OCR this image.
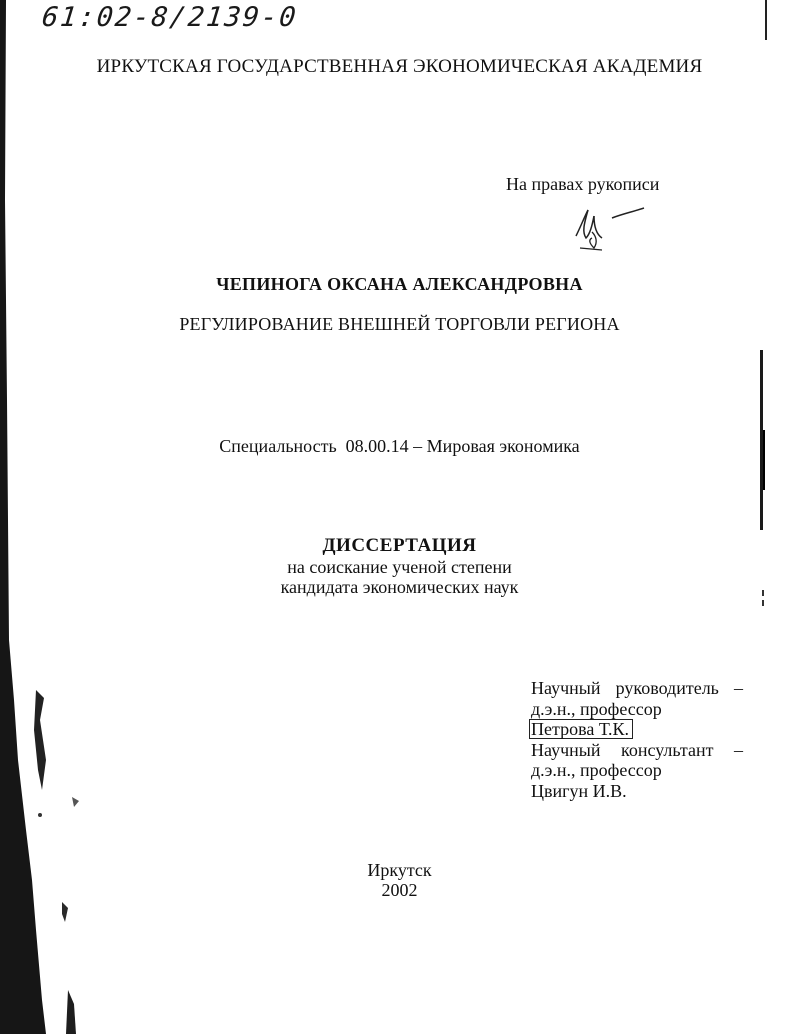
61:02-8/2139-0
ИРКУТСКАЯ ГОСУДАРСТВЕННАЯ ЭКОНОМИЧЕСКАЯ АКАДЕМИЯ
На правах рукописи
ЧЕПИНОГА ОКСАНА АЛЕКСАНДРОВНА
РЕГУЛИРОВАНИЕ ВНЕШНЕЙ ТОРГОВЛИ РЕГИОНА
Специальность  08.00.14 – Мировая экономика
ДИССЕРТАЦИЯ
на соискание ученой степени
кандидата экономических наук
Научный руководитель –
д.э.н., профессор
Петрова Т.К.
Научный консультант –
д.э.н., профессор
Цвигун И.В.
Иркутск
2002
